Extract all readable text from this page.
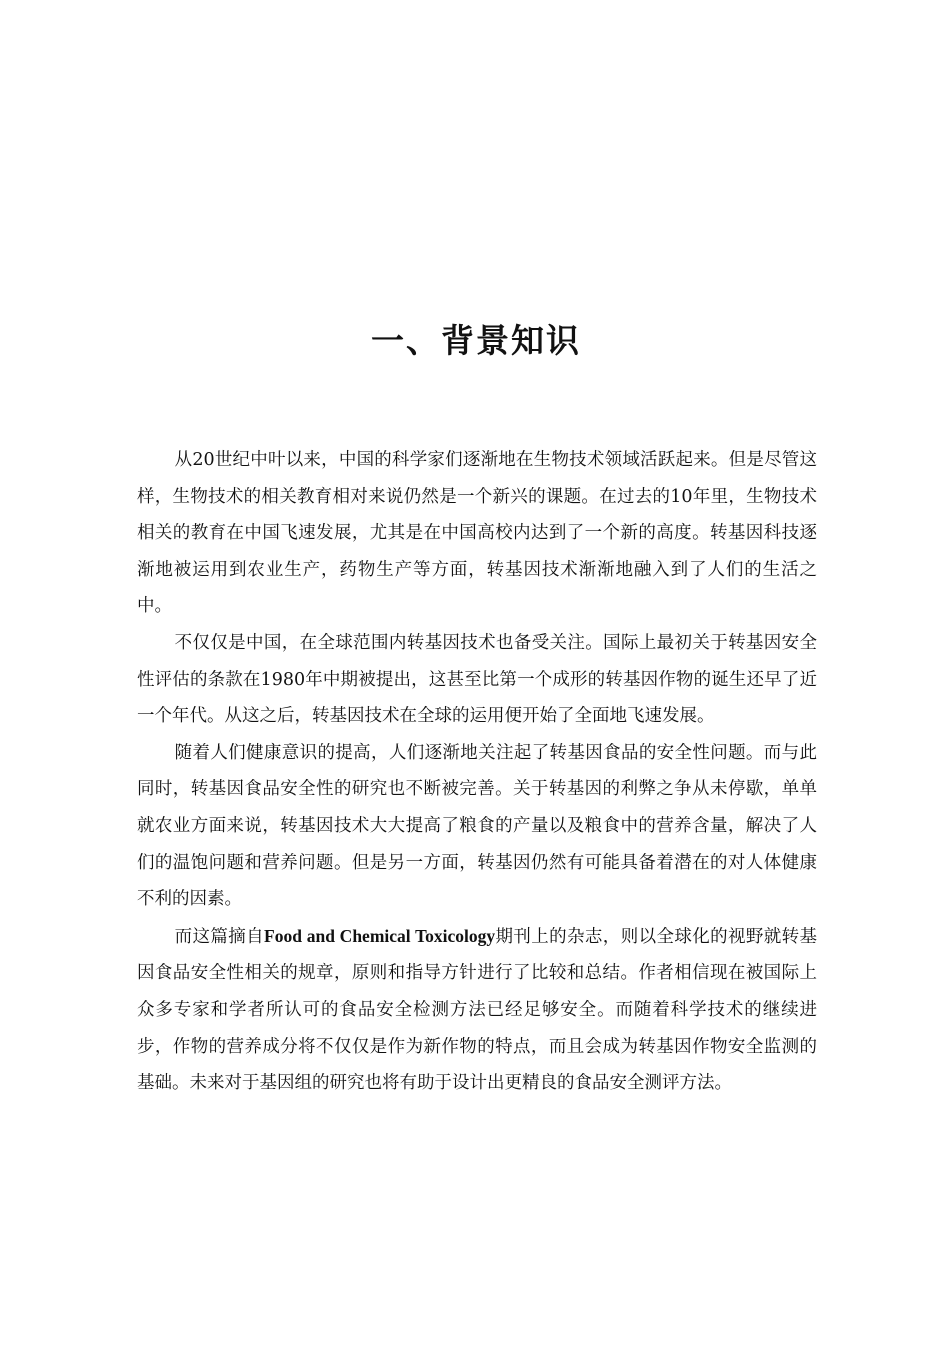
一、背景知识

从20世纪中叶以来，中国的科学家们逐渐地在生物技术领域活跃起来。但是尽管这样，生物技术的相关教育相对来说仍然是一个新兴的课题。在过去的10年里，生物技术相关的教育在中国飞速发展，尤其是在中国高校内达到了一个新的高度。转基因科技逐渐地被运用到农业生产，药物生产等方面，转基因技术渐渐地融入到了人们的生活之中。

不仅仅是中国，在全球范围内转基因技术也备受关注。国际上最初关于转基因安全性评估的条款在1980年中期被提出，这甚至比第一个成形的转基因作物的诞生还早了近一个年代。从这之后，转基因技术在全球的运用便开始了全面地飞速发展。

随着人们健康意识的提高，人们逐渐地关注起了转基因食品的安全性问题。而与此同时，转基因食品安全性的研究也不断被完善。关于转基因的利弊之争从未停歇，单单就农业方面来说，转基因技术大大提高了粮食的产量以及粮食中的营养含量，解决了人们的温饱问题和营养问题。但是另一方面，转基因仍然有可能具备着潜在的对人体健康不利的因素。

而这篇摘自Food and Chemical Toxicology期刊上的杂志，则以全球化的视野就转基因食品安全性相关的规章，原则和指导方针进行了比较和总结。作者相信现在被国际上众多专家和学者所认可的食品安全检测方法已经足够安全。而随着科学技术的继续进步，作物的营养成分将不仅仅是作为新作物的特点，而且会成为转基因作物安全监测的基础。未来对于基因组的研究也将有助于设计出更精良的食品安全测评方法。
